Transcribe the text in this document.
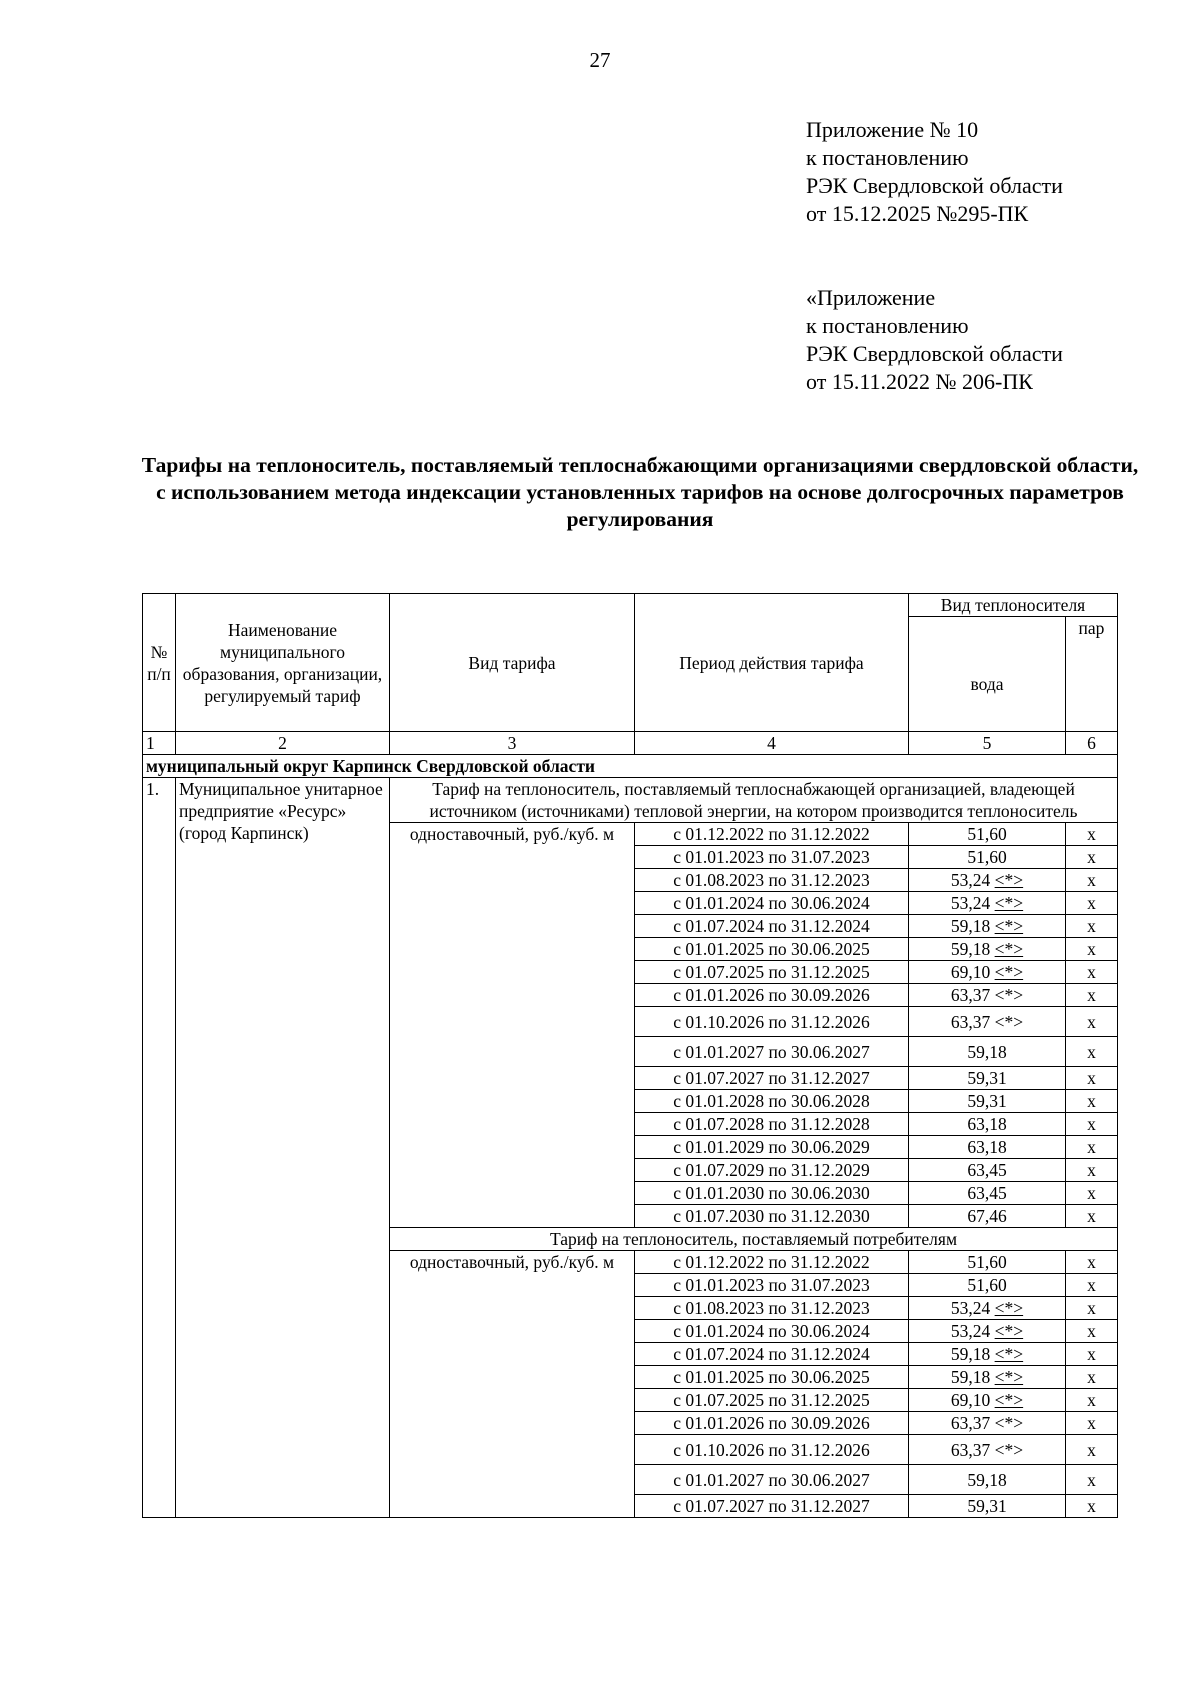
27
Приложение № 10
к постановлению
РЭК Свердловской области
от 15.12.2025 №295-ПК
«Приложение
к постановлению
РЭК Свердловской области
от 15.11.2022 № 206-ПК
Тарифы на теплоноситель, поставляемый теплоснабжающими организациями свердловской области, с использованием метода индексации установленных тарифов на основе долгосрочных параметров регулирования
№ п/п	Наименование муниципального образования, организации, регулируемый тариф	Вид тарифа	Период действия тарифа	Вид теплоносителя	
				вода	пар
1	2	3	4	5	6
муниципальный округ Карпинск Свердловской области					
1.	Муниципальное унитарное предприятие «Ресурс» (город Карпинск)	Тариф на теплоноситель, поставляемый теплоснабжающей организацией, владеющей источником (источниками) тепловой энергии, на котором производится теплоноситель			
		одноставочный, руб./куб. м	с 01.12.2022 по 31.12.2022	51,60	х
			с 01.01.2023 по 31.07.2023	51,60	х
			с 01.08.2023 по 31.12.2023	53,24 <*>	х
			с 01.01.2024 по 30.06.2024	53,24 <*>	х
			с 01.07.2024 по 31.12.2024	59,18 <*>	х
			с 01.01.2025 по 30.06.2025	59,18 <*>	х
			с 01.07.2025 по 31.12.2025	69,10 <*>	х
			с 01.01.2026 по 30.09.2026	63,37 <*>	х
			с 01.10.2026 по 31.12.2026	63,37 <*>	х
			с 01.01.2027 по 30.06.2027	59,18	х
			с 01.07.2027 по 31.12.2027	59,31	х
			с 01.01.2028 по 30.06.2028	59,31	х
			с 01.07.2028 по 31.12.2028	63,18	х
			с 01.01.2029 по 30.06.2029	63,18	х
			с 01.07.2029 по 31.12.2029	63,45	х
			с 01.01.2030 по 30.06.2030	63,45	х
			с 01.07.2030 по 31.12.2030	67,46	х
		Тариф на теплоноситель, поставляемый потребителям			
		одноставочный, руб./куб. м	с 01.12.2022 по 31.12.2022	51,60	х
			с 01.01.2023 по 31.07.2023	51,60	х
			с 01.08.2023 по 31.12.2023	53,24 <*>	х
			с 01.01.2024 по 30.06.2024	53,24 <*>	х
			с 01.07.2024 по 31.12.2024	59,18 <*>	х
			с 01.01.2025 по 30.06.2025	59,18 <*>	х
			с 01.07.2025 по 31.12.2025	69,10 <*>	х
			с 01.01.2026 по 30.09.2026	63,37 <*>	х
			с 01.10.2026 по 31.12.2026	63,37 <*>	х
			с 01.01.2027 по 30.06.2027	59,18	х
			с 01.07.2027 по 31.12.2027	59,31	х
